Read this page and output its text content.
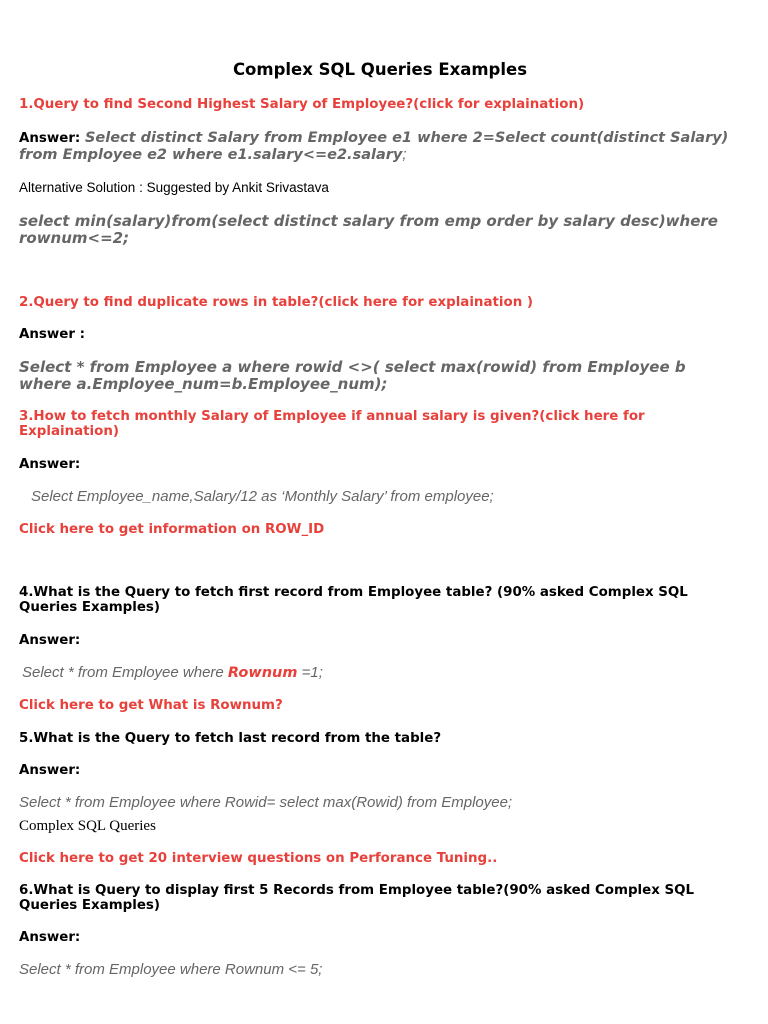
Complex SQL Queries Examples

1.Query to find Second Highest Salary of Employee?(click for explaination)

Answer: Select distinct Salary from Employee e1 where 2=Select count(distinct Salary)

from Employee e2 where e1.salary<=e2.salary;

Alternative Solution : Suggested by Ankit Srivastava

select min(salary)from(select distinct salary from emp order by salary desc)where

rownum<=2;

2.Query to find duplicate rows in table?(click here for explaination )

Answer :

Select * from Employee a where rowid <>( select max(rowid) from Employee b

where a.Employee_num=b.Employee_num);

3.How to fetch monthly Salary of Employee if annual salary is given?(click here for

Explaination)

Answer:

Select Employee_name,Salary/12 as ‘Monthly Salary’ from employee;

Click here to get information on ROW_ID

4.What is the Query to fetch first record from Employee table? (90% asked Complex SQL

Queries Examples)

Answer:

Select * from Employee where Rownum =1;

Click here to get What is Rownum?

5.What is the Query to fetch last record from the table?

Answer:

Select * from Employee where Rowid= select max(Rowid) from Employee;

Complex SQL Queries

Click here to get 20 interview questions on Perforance Tuning..

6.What is Query to display first 5 Records from Employee table?(90% asked Complex SQL

Queries Examples)

Answer:

Select * from Employee where Rownum <= 5;
